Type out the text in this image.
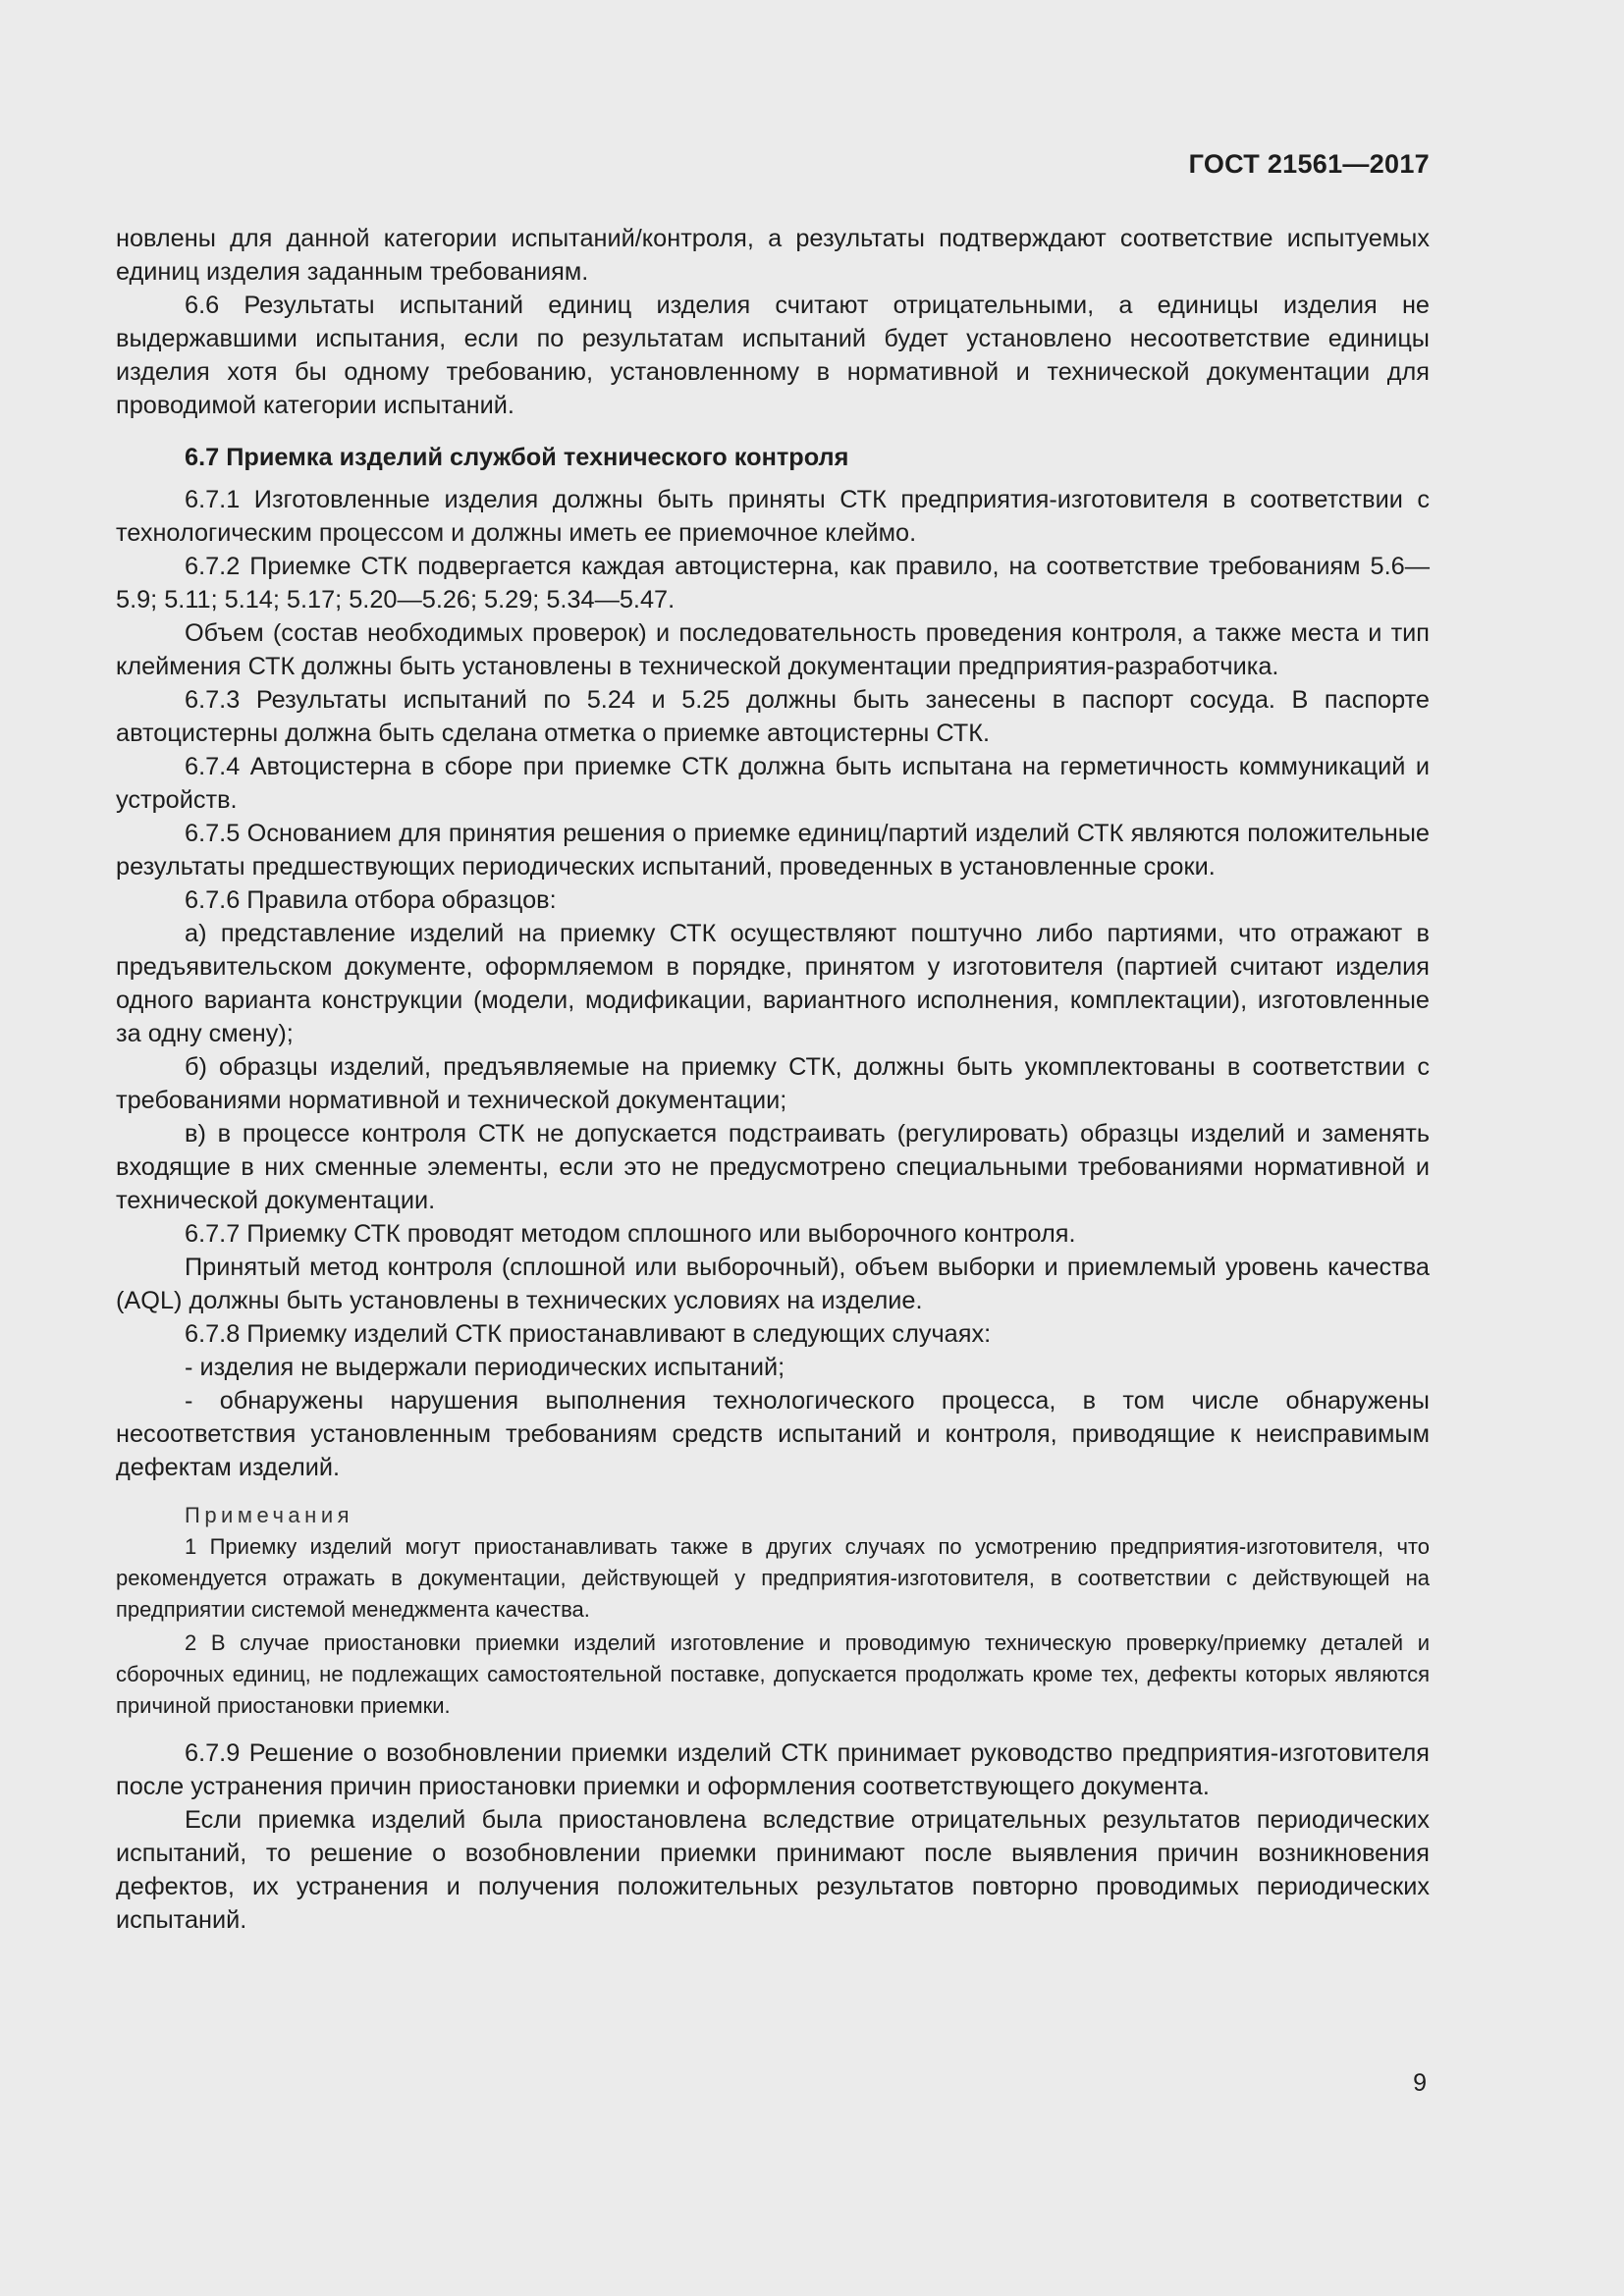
ГОСТ 21561—2017

новлены для данной категории испытаний/контроля, а результаты подтверждают соответствие испытуемых единиц изделия заданным требованиям.

6.6 Результаты испытаний единиц изделия считают отрицательными, а единицы изделия не выдержавшими испытания, если по результатам испытаний будет установлено несоответствие единицы изделия хотя бы одному требованию, установленному в нормативной и технической документации для проводимой категории испытаний.

6.7 Приемка изделий службой технического контроля

6.7.1 Изготовленные изделия должны быть приняты СТК предприятия-изготовителя в соответствии с технологическим процессом и должны иметь ее приемочное клеймо.

6.7.2 Приемке СТК подвергается каждая автоцистерна, как правило, на соответствие требованиям 5.6—5.9; 5.11; 5.14; 5.17; 5.20—5.26; 5.29; 5.34—5.47.

Объем (состав необходимых проверок) и последовательность проведения контроля, а также места и тип клеймения СТК должны быть установлены в технической документации предприятия-разработчика.

6.7.3 Результаты испытаний по 5.24 и 5.25 должны быть занесены в паспорт сосуда. В паспорте автоцистерны должна быть сделана отметка о приемке автоцистерны СТК.

6.7.4 Автоцистерна в сборе при приемке СТК должна быть испытана на герметичность коммуникаций и устройств.

6.7.5 Основанием для принятия решения о приемке единиц/партий изделий СТК являются положительные результаты предшествующих периодических испытаний, проведенных в установленные сроки.

6.7.6 Правила отбора образцов:

а) представление изделий на приемку СТК осуществляют поштучно либо партиями, что отражают в предъявительском документе, оформляемом в порядке, принятом у изготовителя (партией считают изделия одного варианта конструкции (модели, модификации, вариантного исполнения, комплектации), изготовленные за одну смену);

б) образцы изделий, предъявляемые на приемку СТК, должны быть укомплектованы в соответствии с требованиями нормативной и технической документации;

в) в процессе контроля СТК не допускается подстраивать (регулировать) образцы изделий и заменять входящие в них сменные элементы, если это не предусмотрено специальными требованиями нормативной и технической документации.

6.7.7 Приемку СТК проводят методом сплошного или выборочного контроля.

Принятый метод контроля (сплошной или выборочный), объем выборки и приемлемый уровень качества (AQL) должны быть установлены в технических условиях на изделие.

6.7.8 Приемку изделий СТК приостанавливают в следующих случаях:

- изделия не выдержали периодических испытаний;

- обнаружены нарушения выполнения технологического процесса, в том числе обнаружены несоответствия установленным требованиям средств испытаний и контроля, приводящие к неисправимым дефектам изделий.

Примечания

1 Приемку изделий могут приостанавливать также в других случаях по усмотрению предприятия-изготовителя, что рекомендуется отражать в документации, действующей у предприятия-изготовителя, в соответствии с действующей на предприятии системой менеджмента качества.

2 В случае приостановки приемки изделий изготовление и проводимую техническую проверку/приемку деталей и сборочных единиц, не подлежащих самостоятельной поставке, допускается продолжать кроме тех, дефекты которых являются причиной приостановки приемки.

6.7.9 Решение о возобновлении приемки изделий СТК принимает руководство предприятия-изготовителя после устранения причин приостановки приемки и оформления соответствующего документа.

Если приемка изделий была приостановлена вследствие отрицательных результатов периодических испытаний, то решение о возобновлении приемки принимают после выявления причин возникновения дефектов, их устранения и получения положительных результатов повторно проводимых периодических испытаний.

9
